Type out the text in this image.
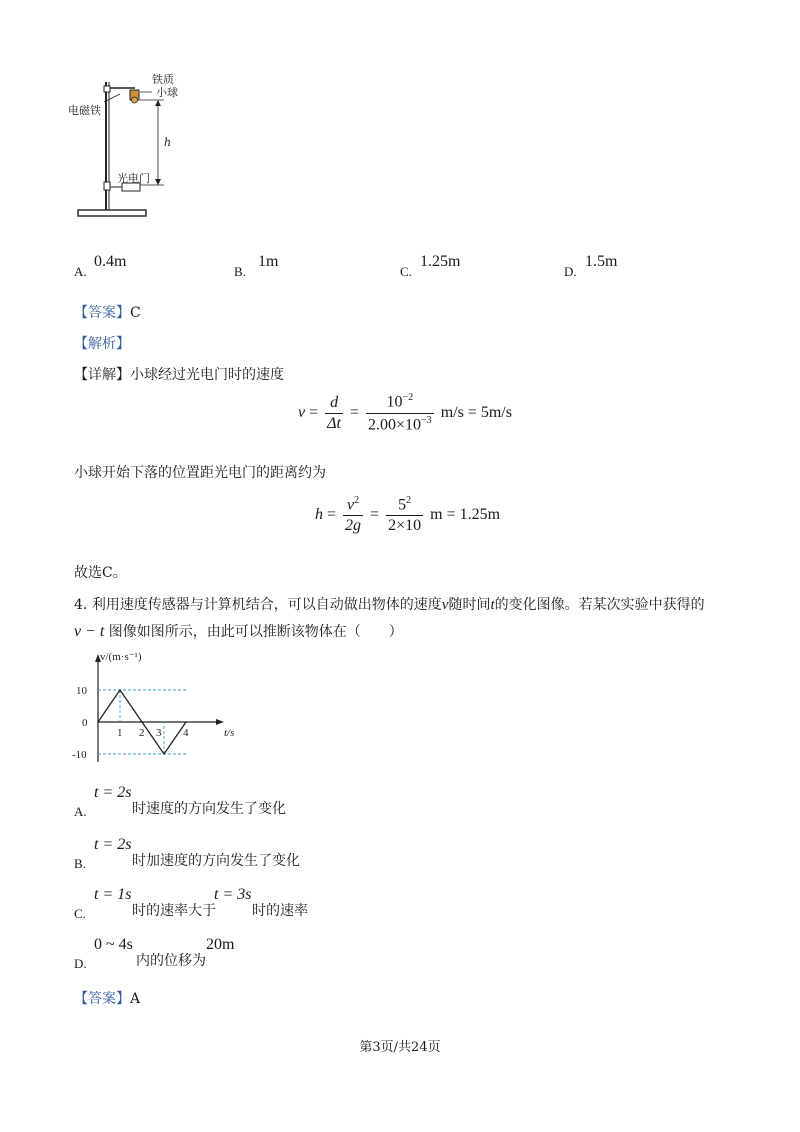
铁质
小球
电磁铁
h
光电门
A.
0.4m
B.
1m
C.
1.25m
D.
1.5m
【答案】C
【解析】
【详解】小球经过光电门时的速度
$v = \frac{d}{\Delta t} = \frac{10^{-2}}{2.00\times 10^{-3}} m/s = 5m/s$
小球开始下落的位置距光电门的距离约为
$h = \frac{v^2}{2g} = \frac{5^2}{2\times 10}$ m = 1.25m
故选C。
4. 利用速度传感器与计算机结合，可以自动做出物体的速度v随时间t的变化图像。若某次实验中获得的
v − t 图像如图所示，由此可以推断该物体在（　　）
1 2 3 4
10
0
-10
v/(m·s⁻¹)
t/s
A.
t = 2s
时速度的方向发生了变化
B.
t = 2s
时加速度的方向发生了变化
C.
t = 1s
时的速率大于
t = 3s
时的速率
D.
0 ~ 4s
内的位移为
20m
【答案】A
第3页/共24页
